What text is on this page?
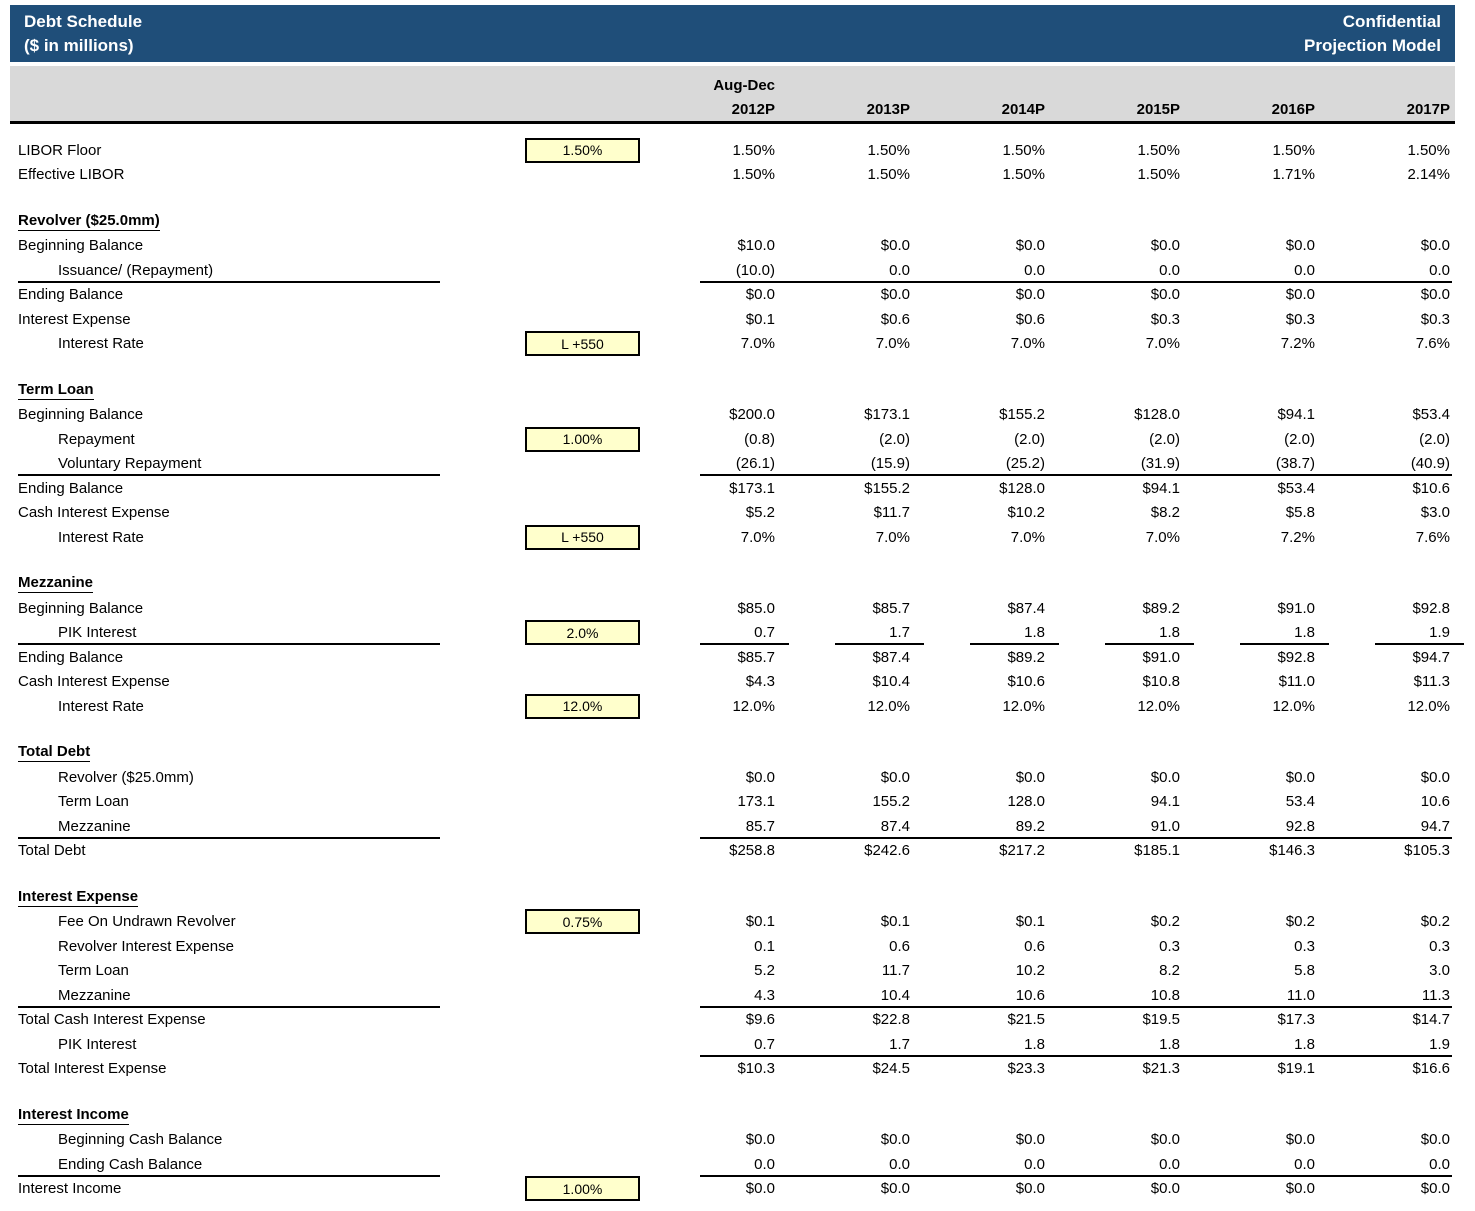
Debt Schedule
($ in millions)
Confidential
Projection Model
Aug-Dec
2012P	2013P	2014P	2015P	2016P	2017P
LIBOR Floor	1.50%	1.50%	1.50%	1.50%	1.50%	1.50%	1.50%
Effective LIBOR	1.50%	1.50%	1.50%	1.50%	1.71%	2.14%
Revolver ($25.0mm)
Beginning Balance	$10.0	$0.0	$0.0	$0.0	$0.0	$0.0
Issuance/ (Repayment)	(10.0)	0.0	0.0	0.0	0.0	0.0
Ending Balance	$0.0	$0.0	$0.0	$0.0	$0.0	$0.0
Interest Expense	$0.1	$0.6	$0.6	$0.3	$0.3	$0.3
Interest Rate	L +550	7.0%	7.0%	7.0%	7.0%	7.2%	7.6%
Term Loan
Beginning Balance	$200.0	$173.1	$155.2	$128.0	$94.1	$53.4
Repayment	1.00%	(0.8)	(2.0)	(2.0)	(2.0)	(2.0)	(2.0)
Voluntary Repayment	(26.1)	(15.9)	(25.2)	(31.9)	(38.7)	(40.9)
Ending Balance	$173.1	$155.2	$128.0	$94.1	$53.4	$10.6
Cash Interest Expense	$5.2	$11.7	$10.2	$8.2	$5.8	$3.0
Interest Rate	L +550	7.0%	7.0%	7.0%	7.0%	7.2%	7.6%
Mezzanine
Beginning Balance	$85.0	$85.7	$87.4	$89.2	$91.0	$92.8
PIK Interest	2.0%	0.7	1.7	1.8	1.8	1.8	1.9
Ending Balance	$85.7	$87.4	$89.2	$91.0	$92.8	$94.7
Cash Interest Expense	$4.3	$10.4	$10.6	$10.8	$11.0	$11.3
Interest Rate	12.0%	12.0%	12.0%	12.0%	12.0%	12.0%	12.0%
Total Debt
Revolver ($25.0mm)	$0.0	$0.0	$0.0	$0.0	$0.0	$0.0
Term Loan	173.1	155.2	128.0	94.1	53.4	10.6
Mezzanine	85.7	87.4	89.2	91.0	92.8	94.7
Total Debt	$258.8	$242.6	$217.2	$185.1	$146.3	$105.3
Interest Expense
Fee On Undrawn Revolver	0.75%	$0.1	$0.1	$0.1	$0.2	$0.2	$0.2
Revolver Interest Expense	0.1	0.6	0.6	0.3	0.3	0.3
Term Loan	5.2	11.7	10.2	8.2	5.8	3.0
Mezzanine	4.3	10.4	10.6	10.8	11.0	11.3
Total Cash Interest Expense	$9.6	$22.8	$21.5	$19.5	$17.3	$14.7
PIK Interest	0.7	1.7	1.8	1.8	1.8	1.9
Total Interest Expense	$10.3	$24.5	$23.3	$21.3	$19.1	$16.6
Interest Income
Beginning Cash Balance	$0.0	$0.0	$0.0	$0.0	$0.0	$0.0
Ending Cash Balance	0.0	0.0	0.0	0.0	0.0	0.0
Interest Income	1.00%	$0.0	$0.0	$0.0	$0.0	$0.0	$0.0
